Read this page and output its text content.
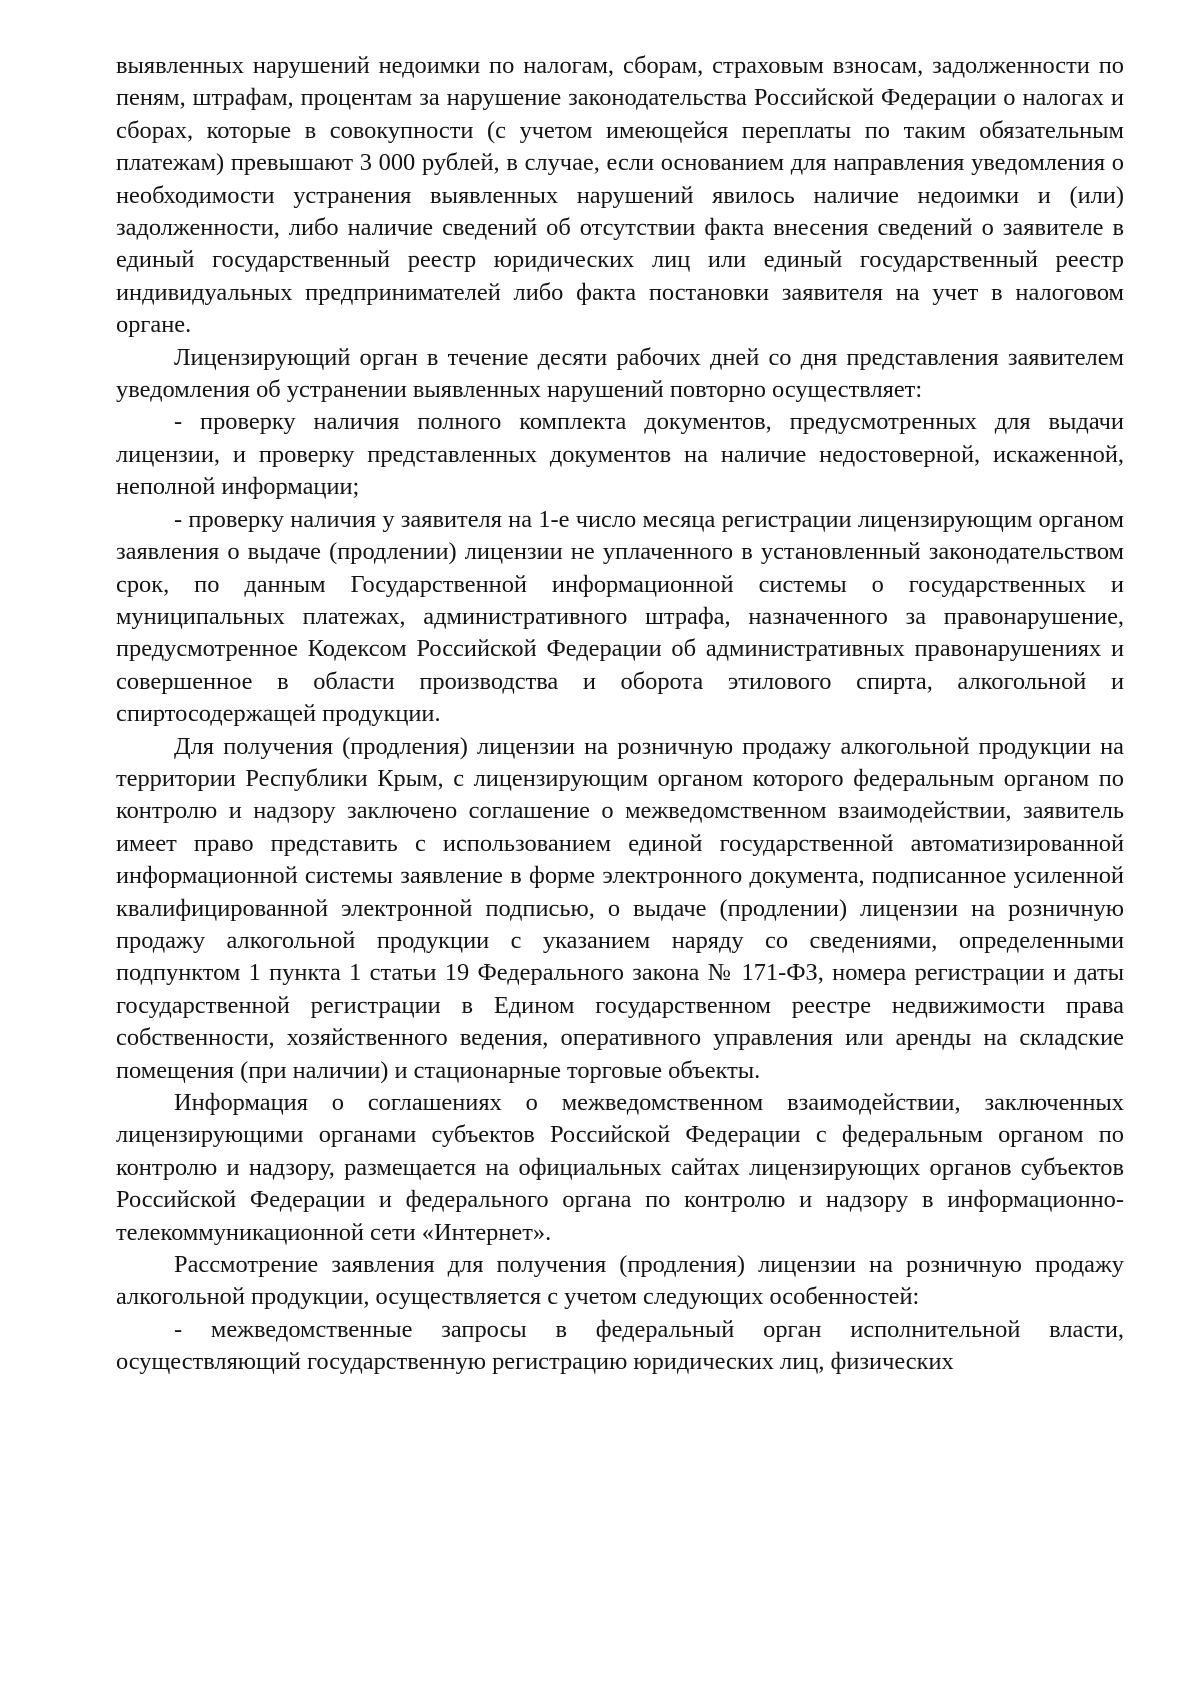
выявленных нарушений недоимки по налогам, сборам, страховым взносам, задолженности по пеням, штрафам, процентам за нарушение законодательства Российской Федерации о налогах и сборах, которые в совокупности (с учетом имеющейся переплаты по таким обязательным платежам) превышают 3 000 рублей, в случае, если основанием для направления уведомления о необходимости устранения выявленных нарушений явилось наличие недоимки и (или) задолженности, либо наличие сведений об отсутствии факта внесения сведений о заявителе в единый государственный реестр юридических лиц или единый государственный реестр индивидуальных предпринимателей либо факта постановки заявителя на учет в налоговом органе.

Лицензирующий орган в течение десяти рабочих дней со дня представления заявителем уведомления об устранении выявленных нарушений повторно осуществляет:

- проверку наличия полного комплекта документов, предусмотренных для выдачи лицензии, и проверку представленных документов на наличие недостоверной, искаженной, неполной информации;

- проверку наличия у заявителя на 1-е число месяца регистрации лицензирующим органом заявления о выдаче (продлении) лицензии не уплаченного в установленный законодательством срок, по данным Государственной информационной системы о государственных и муниципальных платежах, административного штрафа, назначенного за правонарушение, предусмотренное Кодексом Российской Федерации об административных правонарушениях и совершенное в области производства и оборота этилового спирта, алкогольной и спиртосодержащей продукции.

Для получения (продления) лицензии на розничную продажу алкогольной продукции на территории Республики Крым, с лицензирующим органом которого федеральным органом по контролю и надзору заключено соглашение о межведомственном взаимодействии, заявитель имеет право представить с использованием единой государственной автоматизированной информационной системы заявление в форме электронного документа, подписанное усиленной квалифицированной электронной подписью, о выдаче (продлении) лицензии на розничную продажу алкогольной продукции с указанием наряду со сведениями, определенными подпунктом 1 пункта 1 статьи 19 Федерального закона № 171-ФЗ, номера регистрации и даты государственной регистрации в Едином государственном реестре недвижимости права собственности, хозяйственного ведения, оперативного управления или аренды на складские помещения (при наличии) и стационарные торговые объекты.

Информация о соглашениях о межведомственном взаимодействии, заключенных лицензирующими органами субъектов Российской Федерации с федеральным органом по контролю и надзору, размещается на официальных сайтах лицензирующих органов субъектов Российской Федерации и федерального органа по контролю и надзору в информационно-телекоммуникационной сети «Интернет».

Рассмотрение заявления для получения (продления) лицензии на розничную продажу алкогольной продукции, осуществляется с учетом следующих особенностей:

- межведомственные запросы в федеральный орган исполнительной власти, осуществляющий государственную регистрацию юридических лиц, физических
